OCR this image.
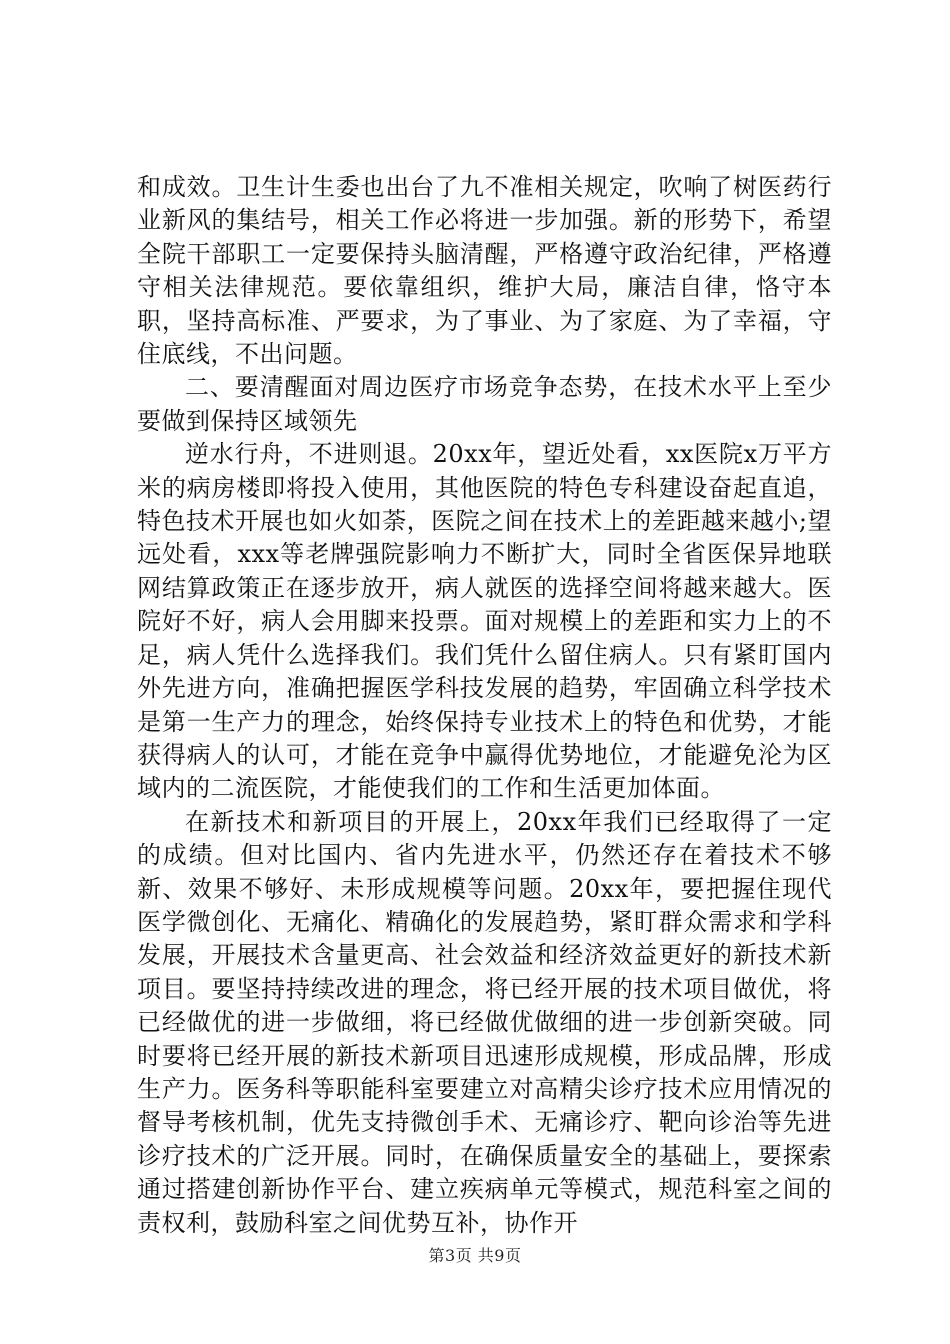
和成效。卫生计生委也出台了九不准相关规定，吹响了树医药行业新风的集结号，相关工作必将进一步加强。新的形势下，希望全院干部职工一定要保持头脑清醒，严格遵守政治纪律，严格遵守相关法律规范。要依靠组织，维护大局，廉洁自律，恪守本职，坚持高标准、严要求，为了事业、为了家庭、为了幸福，守住底线，不出问题。

二、要清醒面对周边医疗市场竞争态势，在技术水平上至少要做到保持区域领先

逆水行舟，不进则退。20xx年，望近处看，xx医院x万平方米的病房楼即将投入使用，其他医院的特色专科建设奋起直追，特色技术开展也如火如荼，医院之间在技术上的差距越来越小;望远处看，xxx等老牌强院影响力不断扩大，同时全省医保异地联网结算政策正在逐步放开，病人就医的选择空间将越来越大。医院好不好，病人会用脚来投票。面对规模上的差距和实力上的不足，病人凭什么选择我们。我们凭什么留住病人。只有紧盯国内外先进方向，准确把握医学科技发展的趋势，牢固确立科学技术是第一生产力的理念，始终保持专业技术上的特色和优势，才能获得病人的认可，才能在竞争中赢得优势地位，才能避免沦为区域内的二流医院，才能使我们的工作和生活更加体面。

在新技术和新项目的开展上，20xx年我们已经取得了一定的成绩。但对比国内、省内先进水平，仍然还存在着技术不够新、效果不够好、未形成规模等问题。20xx年，要把握住现代医学微创化、无痛化、精确化的发展趋势，紧盯群众需求和学科发展，开展技术含量更高、社会效益和经济效益更好的新技术新项目。要坚持持续改进的理念，将已经开展的技术项目做优，将已经做优的进一步做细，将已经做优做细的进一步创新突破。同时要将已经开展的新技术新项目迅速形成规模，形成品牌，形成生产力。医务科等职能科室要建立对高精尖诊疗技术应用情况的督导考核机制，优先支持微创手术、无痛诊疗、靶向诊治等先进诊疗技术的广泛开展。同时，在确保质量安全的基础上，要探索通过搭建创新协作平台、建立疾病单元等模式，规范科室之间的责权利，鼓励科室之间优势互补，协作开

第3页 共9页
